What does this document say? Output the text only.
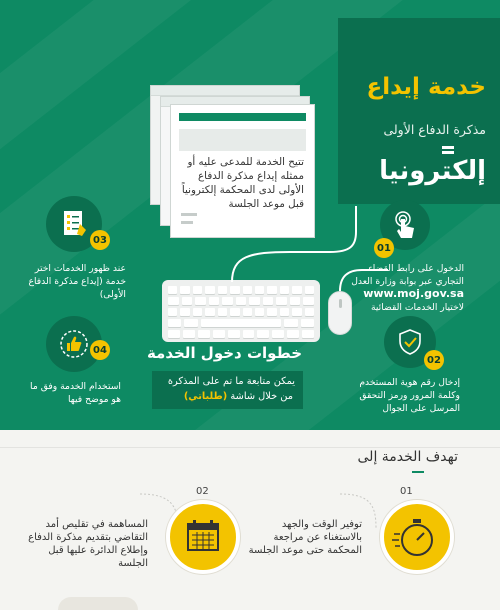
خدمة إيداع
مذكرة الدفاع الأولى
إلكترونيا
تتيح الخدمة للمدعى عليه أو ممثله إيداع مذكرة الدفاع الأولى لدى المحكمة إلكترونياً قبل موعد الجلسة
01
الدخول على رابط القضاء التجاري عبر بوابة وزارة العدل
www.moj.gov.sa
لاختيار الخدمات القضائية
02
إدخال رقم هوية المستخدم وكلمة المرور ورمز التحقق المرسل على الجوال
03
عند ظهور الخدمات اختر خدمة (إيداع مذكرة الدفاع الأولى)
04
استخدام الخدمة وفق ما هو موضح فيها
خطوات دخول الخدمة
يمكن متابعة ما تم على المذكرة
من خلال شاشة (طلباتي)
تهدف الخدمة إلى
01
توفير الوقت والجهد بالاستغناء عن مراجعة المحكمة حتى موعد الجلسة
02
المساهمة في تقليص أمد التقاضي بتقديم مذكرة الدفاع وإطلاع الدائرة عليها قبل الجلسة
